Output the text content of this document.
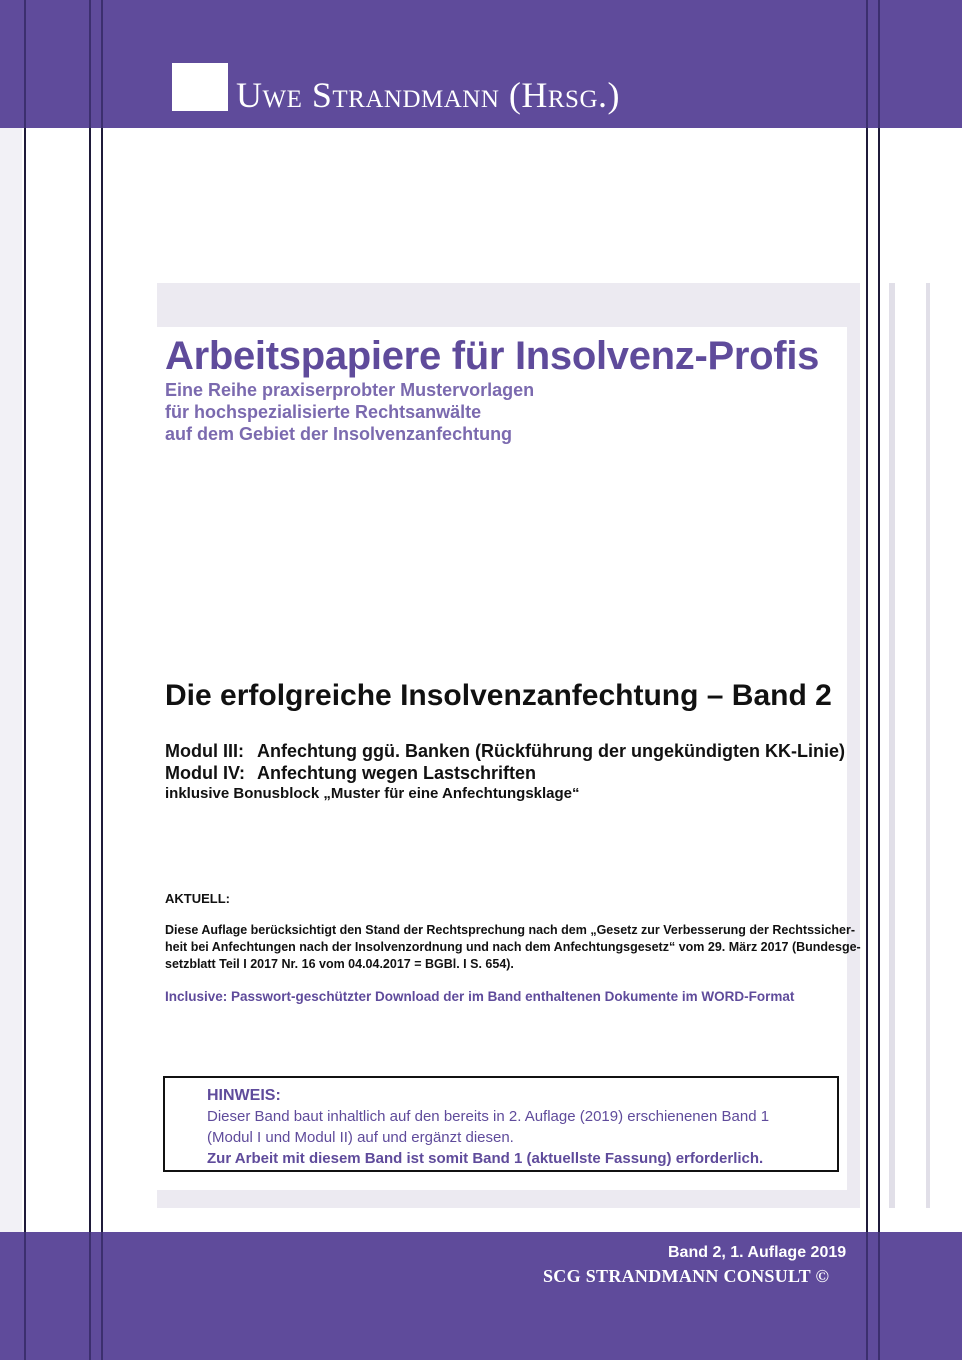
Uwe Strandmann (Hrsg.)
Arbeitspapiere für Insolvenz-Profis
Eine Reihe praxiserprobter Mustervorlagen
für hochspezialisierte Rechtsanwälte
auf dem Gebiet der Insolvenzanfechtung
Die erfolgreiche Insolvenzanfechtung – Band 2
Modul III: Anfechtung ggü. Banken (Rückführung der ungekündigten KK-Linie)
Modul IV: Anfechtung wegen Lastschriften
inklusive Bonusblock „Muster für eine Anfechtungsklage“
AKTUELL:
Diese Auflage berücksichtigt den Stand der Rechtsprechung nach dem „Gesetz zur Verbesserung der Rechtssicher-
heit bei Anfechtungen nach der Insolvenzordnung und nach dem Anfechtungsgesetz“ vom 29. März 2017 (Bundesge-
setzblatt Teil I 2017 Nr. 16 vom 04.04.2017 = BGBl. I S. 654).
Inclusive: Passwort-geschützter Download der im Band enthaltenen Dokumente im WORD-Format
HINWEIS:
Dieser Band baut inhaltlich auf den bereits in 2. Auflage (2019) erschienenen Band 1
(Modul I und Modul II) auf und ergänzt diesen.
Zur Arbeit mit diesem Band ist somit Band 1 (aktuellste Fassung) erforderlich.
Band 2, 1. Auflage 2019
SCG STRANDMANN CONSULT ©
